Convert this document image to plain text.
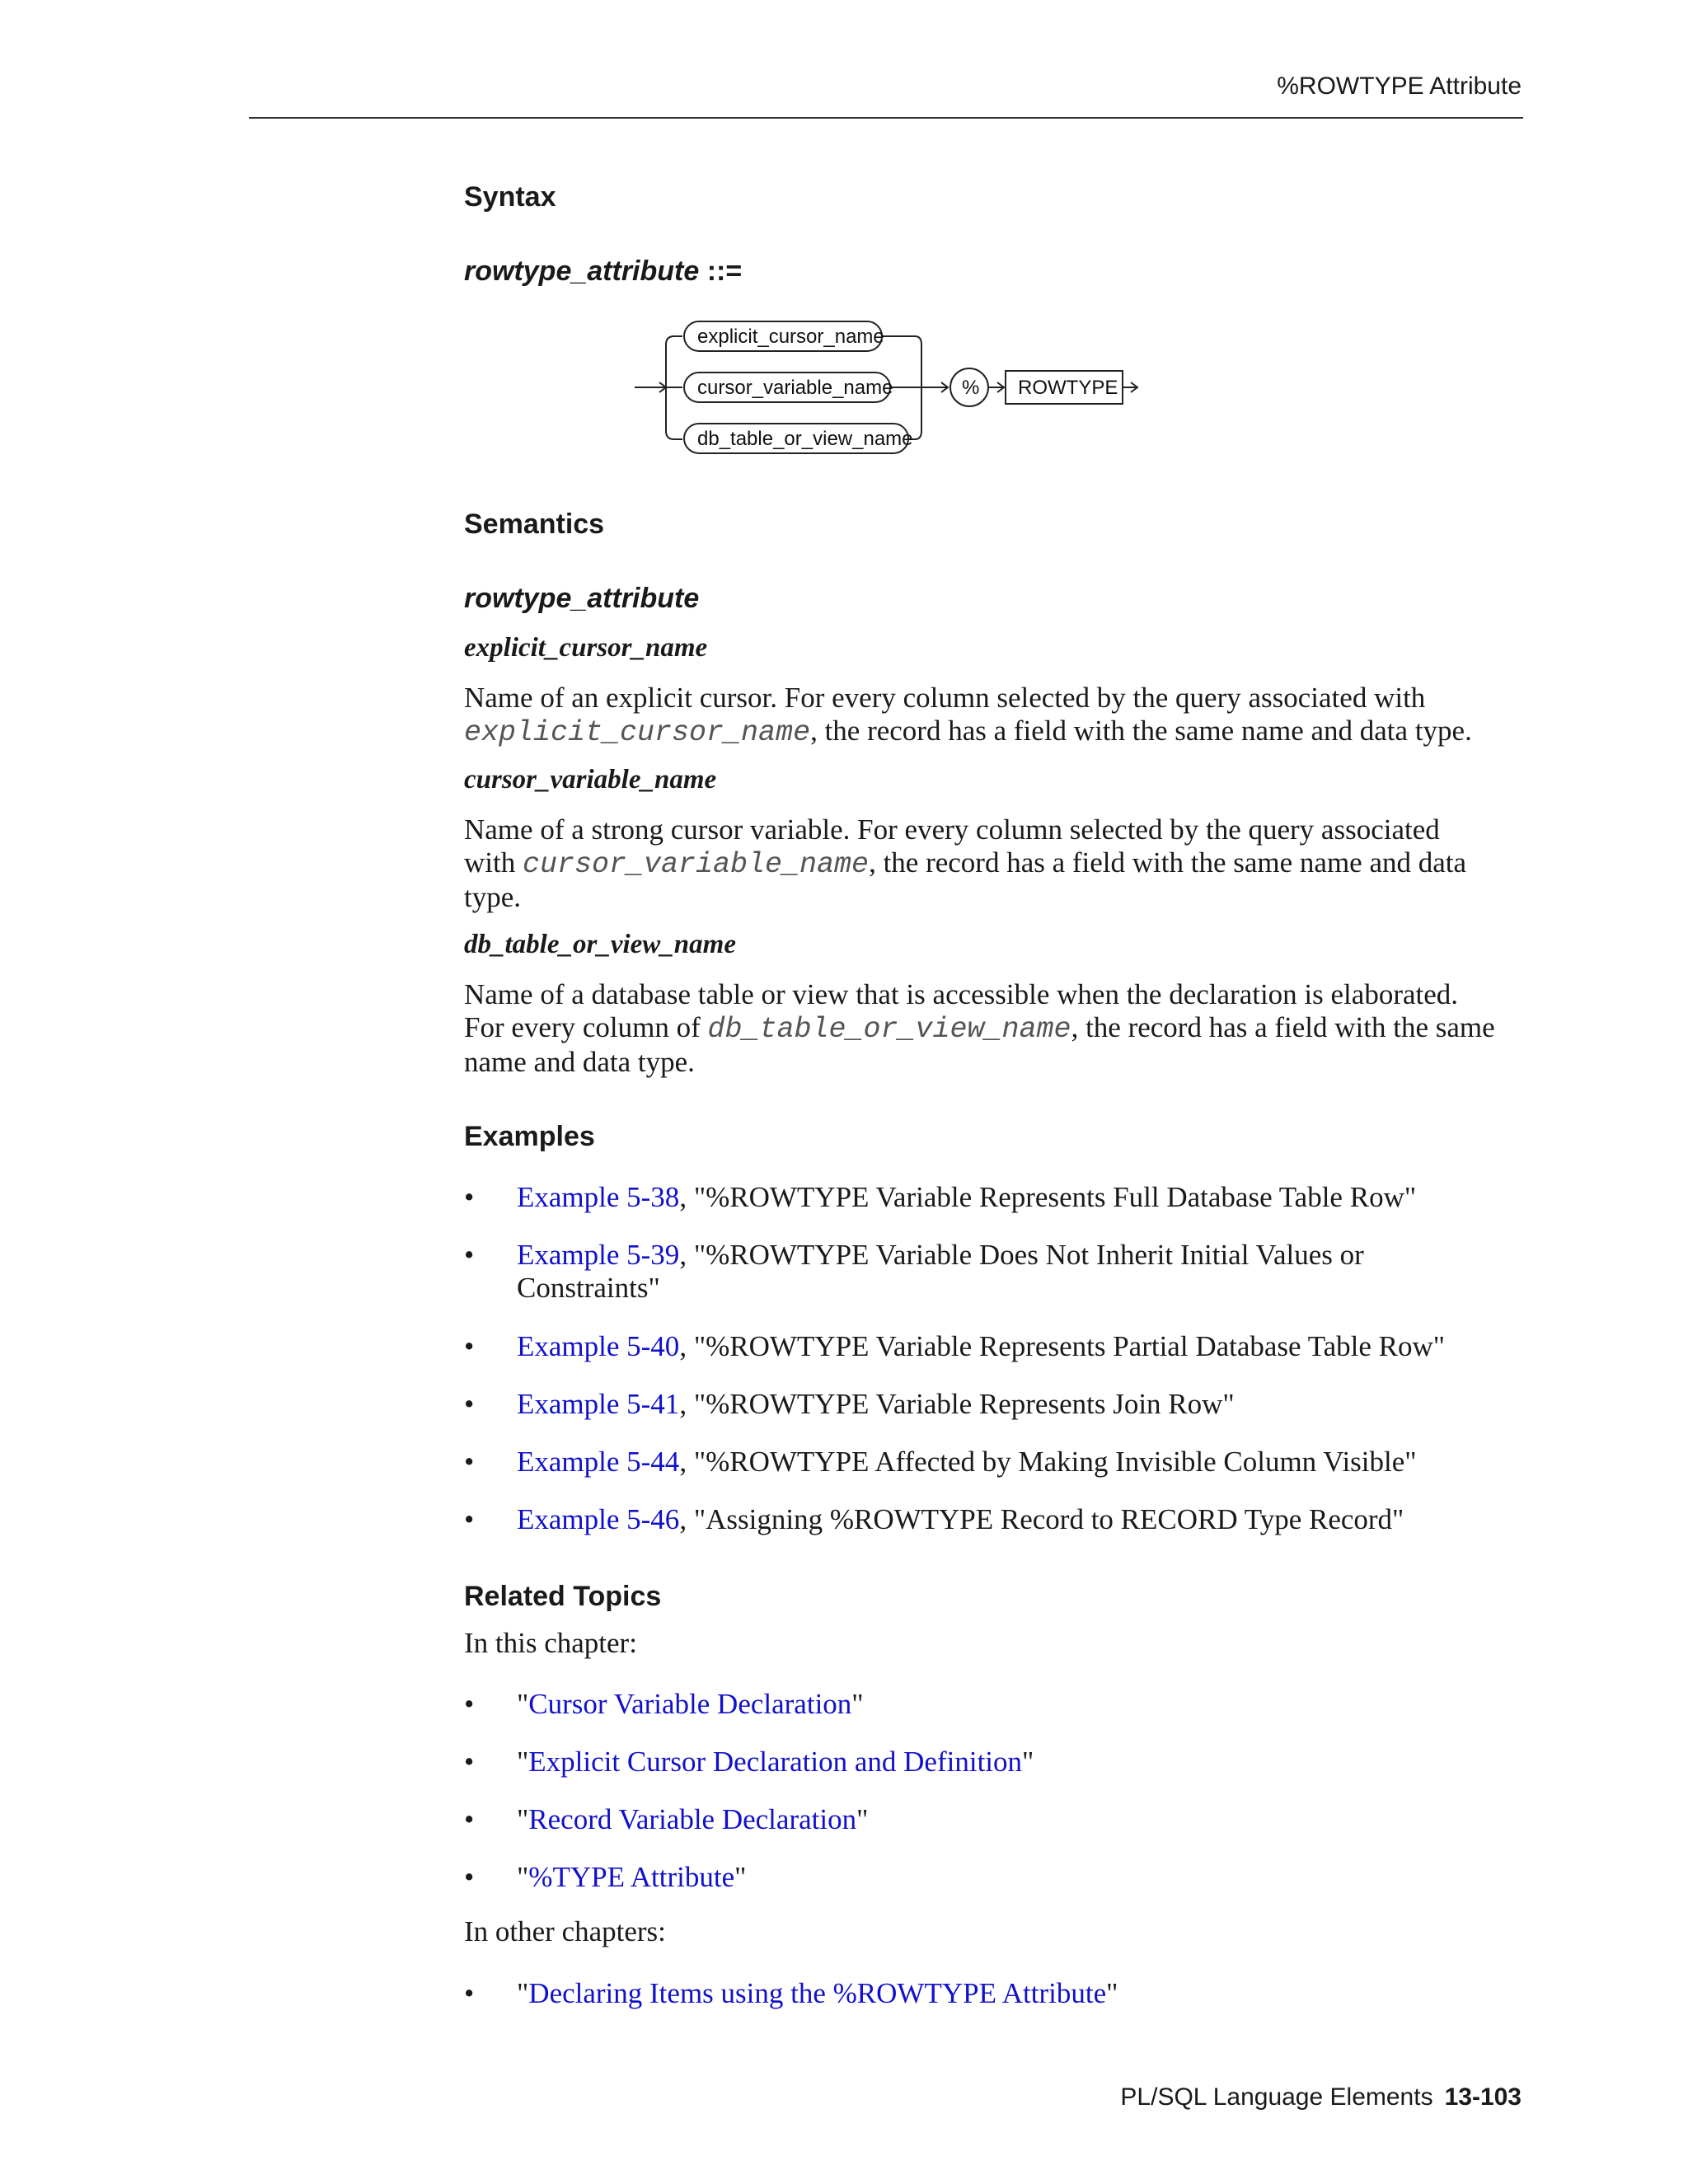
%ROWTYPE Attribute
Syntax
rowtype_attribute ::=
explicit_cursor_name
cursor_variable_name
db_table_or_view_name
% ROWTYPE
Semantics
rowtype_attribute
explicit_cursor_name
Name of an explicit cursor. For every column selected by the query associated with
explicit_cursor_name, the record has a field with the same name and data type.
cursor_variable_name
Name of a strong cursor variable. For every column selected by the query associated
with cursor_variable_name, the record has a field with the same name and data
type.
db_table_or_view_name
Name of a database table or view that is accessible when the declaration is elaborated.
For every column of db_table_or_view_name, the record has a field with the same
name and data type.
Examples
• Example 5-38, "%ROWTYPE Variable Represents Full Database Table Row"
• Example 5-39, "%ROWTYPE Variable Does Not Inherit Initial Values or
Constraints"
• Example 5-40, "%ROWTYPE Variable Represents Partial Database Table Row"
• Example 5-41, "%ROWTYPE Variable Represents Join Row"
• Example 5-44, "%ROWTYPE Affected by Making Invisible Column Visible"
• Example 5-46, "Assigning %ROWTYPE Record to RECORD Type Record"
Related Topics
In this chapter:
• "Cursor Variable Declaration"
• "Explicit Cursor Declaration and Definition"
• "Record Variable Declaration"
• "%TYPE Attribute"
In other chapters:
• "Declaring Items using the %ROWTYPE Attribute"
PL/SQL Language Elements 13-103
